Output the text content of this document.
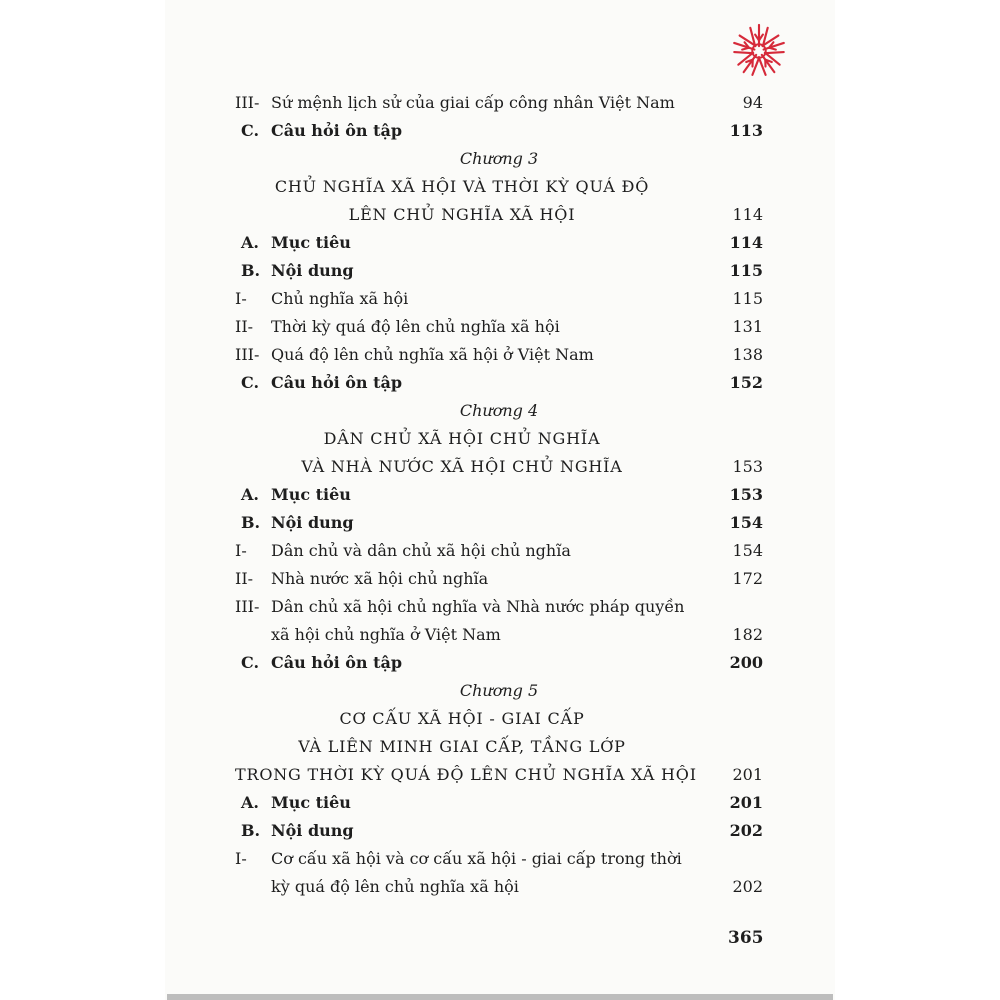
III- Sứ mệnh lịch sử của giai cấp công nhân Việt Nam	94
C. Câu hỏi ôn tập	113
Chương 3
CHỦ NGHĨA XÃ HỘI VÀ THỜI KỲ QUÁ ĐỘ
LÊN CHỦ NGHĨA XÃ HỘI	114
A. Mục tiêu	114
B. Nội dung	115
I- Chủ nghĩa xã hội	115
II- Thời kỳ quá độ lên chủ nghĩa xã hội	131
III- Quá độ lên chủ nghĩa xã hội ở Việt Nam	138
C. Câu hỏi ôn tập	152
Chương 4
DÂN CHỦ XÃ HỘI CHỦ NGHĨA
VÀ NHÀ NƯỚC XÃ HỘI CHỦ NGHĨA	153
A. Mục tiêu	153
B. Nội dung	154
I- Dân chủ và dân chủ xã hội chủ nghĩa	154
II- Nhà nước xã hội chủ nghĩa	172
III- Dân chủ xã hội chủ nghĩa và Nhà nước pháp quyền
xã hội chủ nghĩa ở Việt Nam	182
C. Câu hỏi ôn tập	200
Chương 5
CƠ CẤU XÃ HỘI - GIAI CẤP
VÀ LIÊN MINH GIAI CẤP, TẦNG LỚP
TRONG THỜI KỲ QUÁ ĐỘ LÊN CHỦ NGHĨA XÃ HỘI 201
A. Mục tiêu	201
B. Nội dung	202
I- Cơ cấu xã hội và cơ cấu xã hội - giai cấp trong thời
kỳ quá độ lên chủ nghĩa xã hội	202
365
